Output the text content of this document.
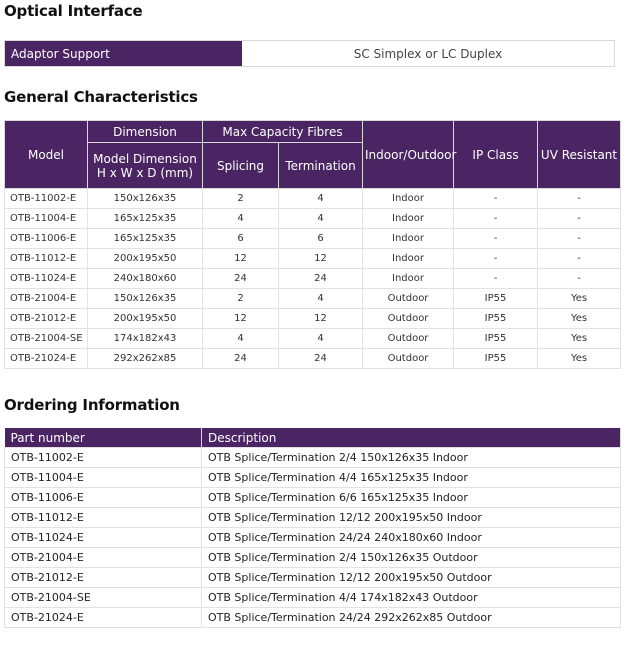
Optical Interface
Adaptor Support	SC Simplex or LC Duplex
General Characteristics
Model	Dimension	Max Capacity Fibres		Indoor/Outdoor	IP Class	UV Resistant
	Model Dimension H x W x D (mm)	Splicing	Termination			

OTB-11002-E	150x126x35	2	4	Indoor	-	-
OTB-11004-E	165x125x35	4	4	Indoor	-	-
OTB-11006-E	165x125x35	6	6	Indoor	-	-
OTB-11012-E	200x195x50	12	12	Indoor	-	-
OTB-11024-E	240x180x60	24	24	Indoor	-	-
OTB-21004-E	150x126x35	2	4	Outdoor	IP55	Yes
OTB-21012-E	200x195x50	12	12	Outdoor	IP55	Yes
OTB-21004-SE	174x182x43	4	4	Outdoor	IP55	Yes
OTB-21024-E	292x262x85	24	24	Outdoor	IP55	Yes
Ordering Information
Part number	Description
OTB-11002-E	OTB Splice/Termination 2/4 150x126x35 Indoor
OTB-11004-E	OTB Splice/Termination 4/4 165x125x35 Indoor
OTB-11006-E	OTB Splice/Termination 6/6 165x125x35 Indoor
OTB-11012-E	OTB Splice/Termination 12/12 200x195x50 Indoor
OTB-11024-E	OTB Splice/Termination 24/24 240x180x60 Indoor
OTB-21004-E	OTB Splice/Termination 2/4 150x126x35 Outdoor
OTB-21012-E	OTB Splice/Termination 12/12 200x195x50 Outdoor
OTB-21004-SE	OTB Splice/Termination 4/4 174x182x43 Outdoor
OTB-21024-E	OTB Splice/Termination 24/24 292x262x85 Outdoor
